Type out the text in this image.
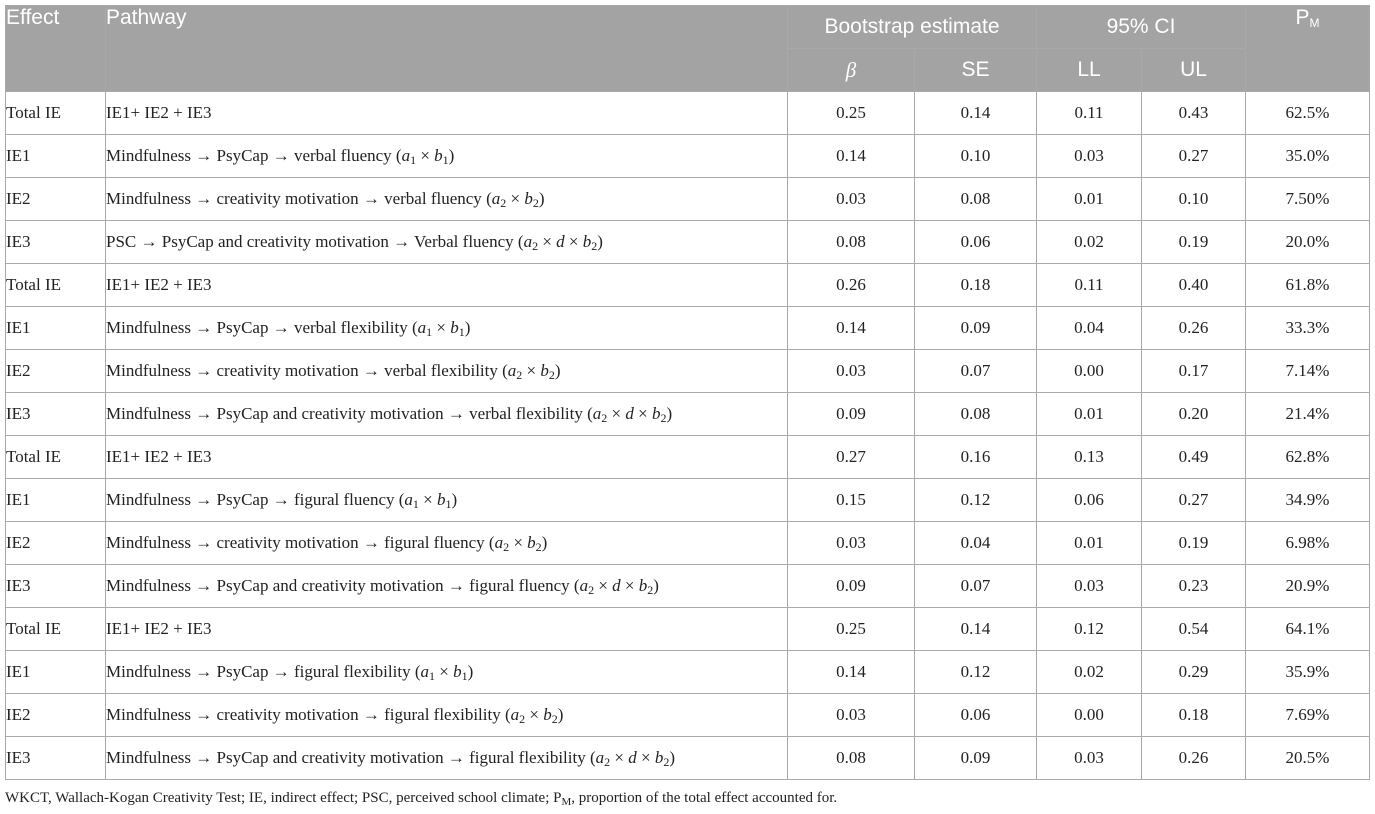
Effect	Pathway	Bootstrap estimate		95% CI		$P_M$
		β	SE	LL	UL	
Total IE	IE1+ IE2 + IE3	0.25	0.14	0.11	0.43	62.5%
IE1	Mindfulness → PsyCap → verbal fluency $(a_1 \times b_1)$	0.14	0.10	0.03	0.27	35.0%
IE2	Mindfulness → creativity motivation → verbal fluency $(a_2 \times b_2)$	0.03	0.08	0.01	0.10	7.50%
IE3	PSC → PsyCap and creativity motivation → Verbal fluency $(a_2 \times d \times b_2)$	0.08	0.06	0.02	0.19	20.0%
Total IE	IE1+ IE2 + IE3	0.26	0.18	0.11	0.40	61.8%
IE1	Mindfulness → PsyCap → verbal flexibility $(a_1 \times b_1)$	0.14	0.09	0.04	0.26	33.3%
IE2	Mindfulness → creativity motivation → verbal flexibility $(a_2 \times b_2)$	0.03	0.07	0.00	0.17	7.14%
IE3	Mindfulness → PsyCap and creativity motivation → verbal flexibility $(a_2 \times d \times b_2)$	0.09	0.08	0.01	0.20	21.4%
Total IE	IE1+ IE2 + IE3	0.27	0.16	0.13	0.49	62.8%
IE1	Mindfulness → PsyCap → figural fluency $(a_1 \times b_1)$	0.15	0.12	0.06	0.27	34.9%
IE2	Mindfulness → creativity motivation → figural fluency $(a_2 \times b_2)$	0.03	0.04	0.01	0.19	6.98%
IE3	Mindfulness → PsyCap and creativity motivation → figural fluency $(a_2 \times d \times b_2)$	0.09	0.07	0.03	0.23	20.9%
Total IE	IE1+ IE2 + IE3	0.25	0.14	0.12	0.54	64.1%
IE1	Mindfulness → PsyCap → figural flexibility $(a_1 \times b_1)$	0.14	0.12	0.02	0.29	35.9%
IE2	Mindfulness → creativity motivation → figural flexibility $(a_2 \times b_2)$	0.03	0.06	0.00	0.18	7.69%
IE3	Mindfulness → PsyCap and creativity motivation → figural flexibility $(a_2 \times d \times b_2)$	0.08	0.09	0.03	0.26	20.5%
WKCT, Wallach-Kogan Creativity Test; IE, indirect effect; PSC, perceived school climate; $P_M$, proportion of the total effect accounted for.
